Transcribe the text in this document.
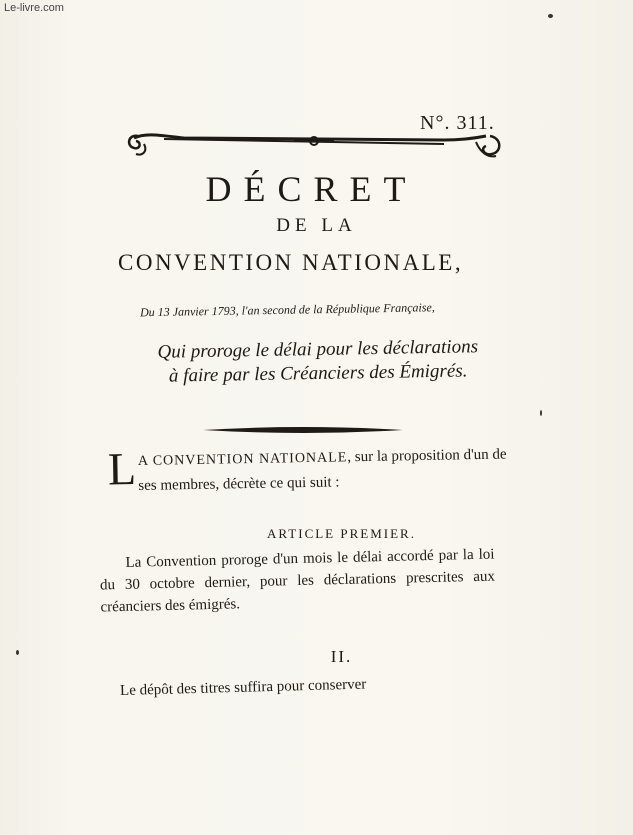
Le-livre.com
N°. 311.
DÉCRET
DE LA
CONVENTION NATIONALE,
Du 13 Janvier 1793, l'an second de la République Française,
Qui proroge le délai pour les déclarations
à faire par les Créanciers des Émigrés.
L A CONVENTION NATIONALE, sur la proposition d'un de ses membres, décrète ce qui suit :
ARTICLE PREMIER.

La Convention proroge d'un mois le délai accordé par la loi du 30 octobre dernier, pour les déclarations prescrites aux créanciers des émigrés.

II.
Le dépôt des titres suffira pour conserver
